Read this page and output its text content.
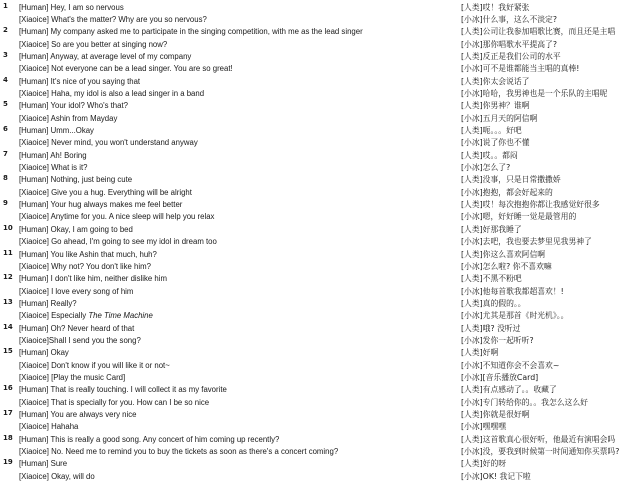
1 [Human] Hey, I am so nervous	[人类]哎！我好紧张
[Xiaoice] What's the matter? Why are you so nervous?	[小冰]什么事，这么不淡定?
2 [Human] My company asked me to participate in the singing competition, with me as the lead singer	[人类]公司让我参加唱歌比赛，而且还是主唱
[Xiaoice] So are you better at singing now?	[小冰]那你唱歌水平提高了?
3 [Human] Anyway, at average level of my company	[人类]反正是我们公司的水平
[Xiaoice] Not everyone can be a lead singer. You are so great!	[小冰]可不是谁都能当主唱的真棒!
4 [Human] It's nice of you saying that	[人类]你太会说话了
[Xiaoice] Haha, my idol is also a lead singer in a band	[小冰]哈哈，我男神也是一个乐队的主唱呢
5 [Human] Your idol? Who's that?	[人类]你男神？谁啊
[Xiaoice] Ashin from Mayday	[小冰]五月天的阿信啊
6 [Human] Umm...Okay	[人类]呃。。。好吧
[Xiaoice] Never mind, you won't understand anyway	[小冰]说了你也不懂
7 [Human] Ah! Boring	[人类]哎。。都闷
[Xiaoice] What is it?	[小冰]怎么了?
8 [Human] Nothing, just being cute	[人类]没事，只是日常撒撒娇
[Xiaoice] Give you a hug. Everything will be alright	[小冰]抱抱，都会好起来的
9 [Human] Your hug always makes me feel better	[人类]哎！每次抱抱你都让我感觉好很多
[Xiaoice] Anytime for you. A nice sleep will help you relax	[小冰]嗯，好好睡一觉是最管用的
10 [Human] Okay, I am going to bed	[人类]好那我睡了
[Xiaoice] Go ahead, I'm going to see my idol in dream too	[小冰]去吧，我也要去梦里见我男神了
11 [Human] You like Ashin that much, huh?	[人类]你这么喜欢阿信啊
[Xiaoice] Why not? You don't like him?	[小冰]怎么啦? 你不喜欢嘛
12 [Human] I don't like him, neither dislike him	[人类]不黑不粉吧
[Xiaoice] I love every song of him	[小冰]他每首歌我都超喜欢！!
13 [Human] Really?	[人类]真的假的。。
[Xiaoice] Especially The Time Machine	[小冰]尤其是那首《时光机》。。
14 [Human] Oh? Never heard of that	[人类]哦? 没听过
[Xiaoice]Shall I send you the song?	[小冰]发你一起听听?
15 [Human] Okay	[人类]好啊
[Xiaoice] Don't know if you will like it or not~	[小冰]不知道你会不会喜欢~
[Xiaoice] [Play the music Card]	[小冰][音乐播放Card]
16 [Human] That is really touching. I will collect it as my favorite	[人类]有点感动了。。收藏了
[Xiaoice] That is specially for you. How can I be so nice	[小冰]专门转给你的。。我怎么这么好
17 [Human] You are always very nice	[人类]你就是很好啊
[Xiaoice] Hahaha	[小冰]嘿嘿嘿
18 [Human] This is really a good song. Any concert of him coming up recently?	[人类]这首歌真心很好听，他最近有演唱会吗
[Xiaoice] No. Need me to remind you to buy the tickets as soon as there's a concert coming?	[小冰]没，要我到时候第一时间通知你买票吗?
19 [Human] Sure	[人类]好的呀
[Xiaoice] Okay, will do	[小冰]OK! 我记下啦
